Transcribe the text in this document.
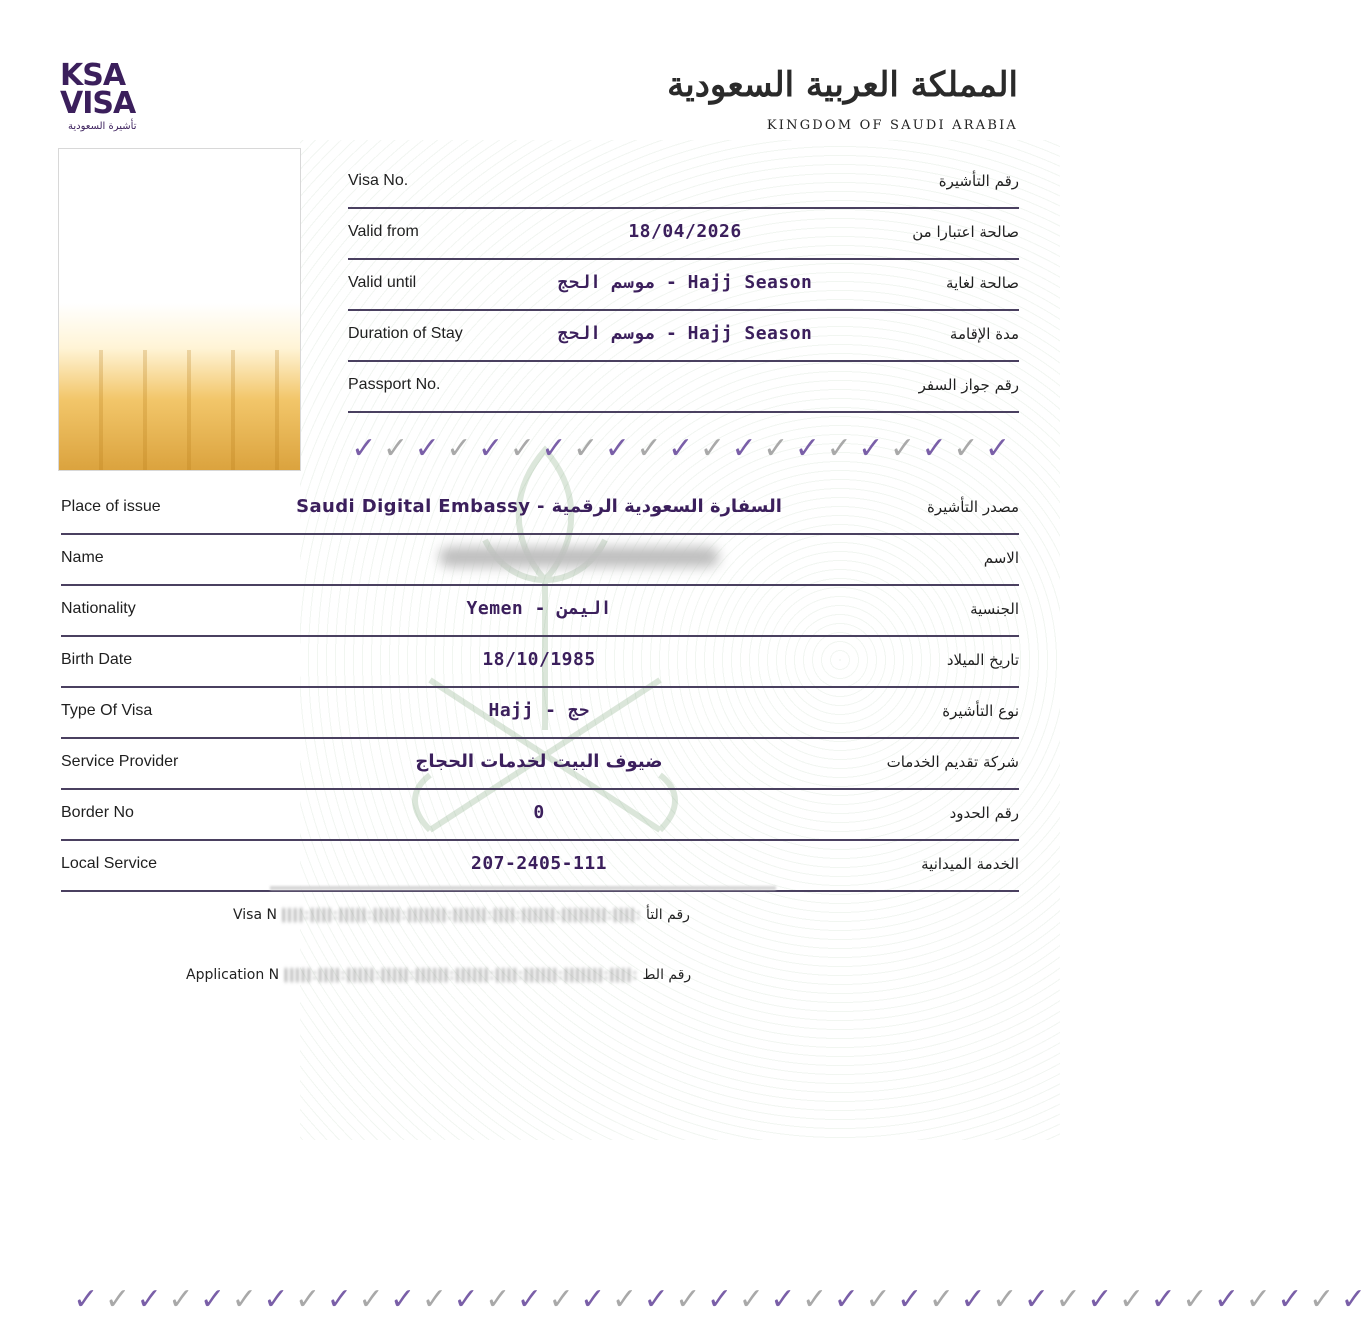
KSA
VISA
تأشيرة السعودية
المملكة العربية السعودية
KINGDOM OF SAUDI ARABIA
Visa No.	رقم التأشيرة
Valid from	18/04/2026	صالحة اعتبارا من
Valid until	موسم الحج - Hajj Season	صالحة لغاية
Duration of Stay	موسم الحج - Hajj Season	مدة الإقامة
Passport No.	رقم جواز السفر
✓ ✓ ✓ ✓ ✓ ✓ ✓ ✓ ✓ ✓ ✓ ✓ ✓ ✓ ✓ ✓ ✓ ✓ ✓ ✓ ✓
Place of issue	Saudi Digital Embassy - السفارة السعودية الرقمية	مصدر التأشيرة
Name	الاسم
Nationality	Yemen - اليمن	الجنسية
Birth Date	18/10/1985	تاريخ الميلاد
Type Of Visa	Hajj - حج	نوع التأشيرة
Service Provider	ضيوف البيت لخدمات الحجاج	شركة تقديم الخدمات
Border No	0	رقم الحدود
Local Service	207-2405-111	الخدمة الميدانية
Visa N ||||:||||:|||||:|||||:|||||||:||||||:||||:||||||:||||||||:||||: رقم التأ
Application N |||||:||||:|||||:|||||:||||||:||||||:||||:||||||:|||||||:||||: رقم الط
✓ ✓ ✓ ✓ ✓ ✓ ✓ ✓ ✓ ✓ ✓ ✓ ✓ ✓ ✓ ✓ ✓ ✓ ✓ ✓ ✓ ✓ ✓ ✓ ✓ ✓ ✓ ✓ ✓ ✓ ✓ ✓ ✓ ✓ ✓ ✓ ✓ ✓ ✓ ✓ ✓
